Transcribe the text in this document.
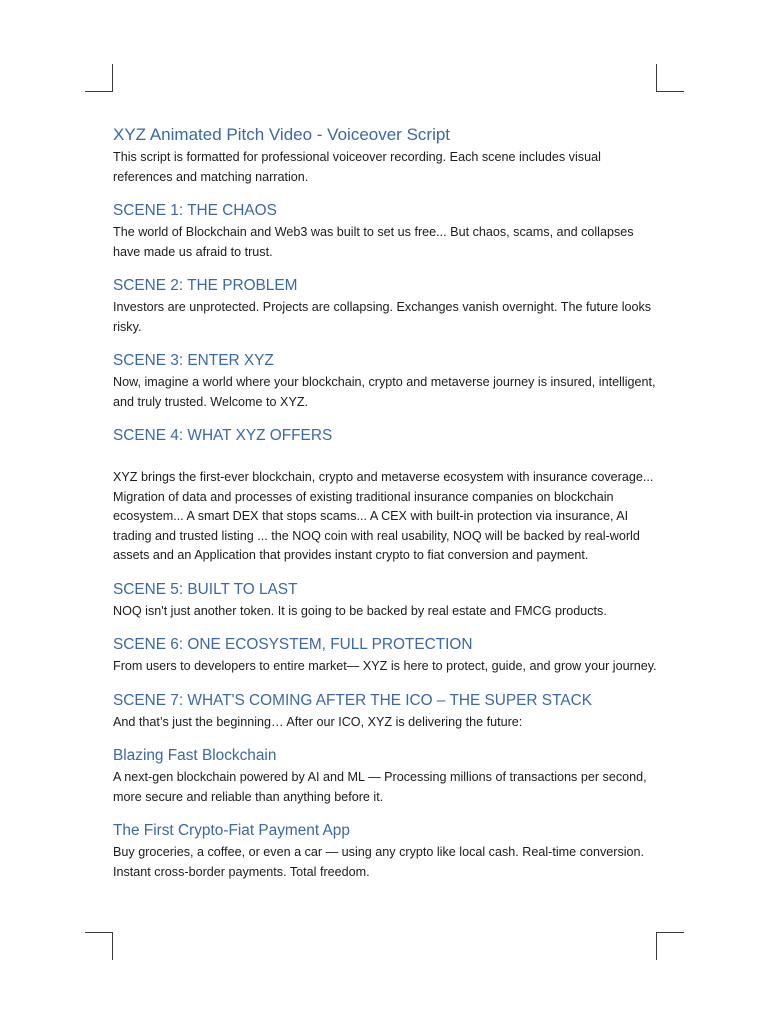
XYZ Animated Pitch Video - Voiceover Script

This script is formatted for professional voiceover recording. Each scene includes visual references and matching narration.

SCENE 1: THE CHAOS

The world of Blockchain and Web3 was built to set us free... But chaos, scams, and collapses have made us afraid to trust.

SCENE 2: THE PROBLEM

Investors are unprotected. Projects are collapsing. Exchanges vanish overnight. The future looks risky.

SCENE 3: ENTER XYZ

Now, imagine a world where your blockchain, crypto and metaverse journey is insured, intelligent, and truly trusted. Welcome to XYZ.

SCENE 4: WHAT XYZ OFFERS

XYZ brings the first-ever blockchain, crypto and metaverse ecosystem with insurance coverage... Migration of data and processes of existing traditional insurance companies on blockchain ecosystem... A smart DEX that stops scams... A CEX with built-in protection via insurance, AI trading and trusted listing ... the NOQ coin with real usability, NOQ will be backed by real-world assets and an Application that provides instant crypto to fiat conversion and payment.

SCENE 5: BUILT TO LAST

NOQ isn't just another token. It is going to be backed by real estate and FMCG products.

SCENE 6: ONE ECOSYSTEM, FULL PROTECTION

From users to developers to entire market— XYZ is here to protect, guide, and grow your journey.

SCENE 7: WHAT'S COMING AFTER THE ICO – THE SUPER STACK

And that’s just the beginning… After our ICO, XYZ is delivering the future:

Blazing Fast Blockchain

A next-gen blockchain powered by AI and ML — Processing millions of transactions per second, more secure and reliable than anything before it.

The First Crypto-Fiat Payment App

Buy groceries, a coffee, or even a car — using any crypto like local cash. Real-time conversion. Instant cross-border payments. Total freedom.
